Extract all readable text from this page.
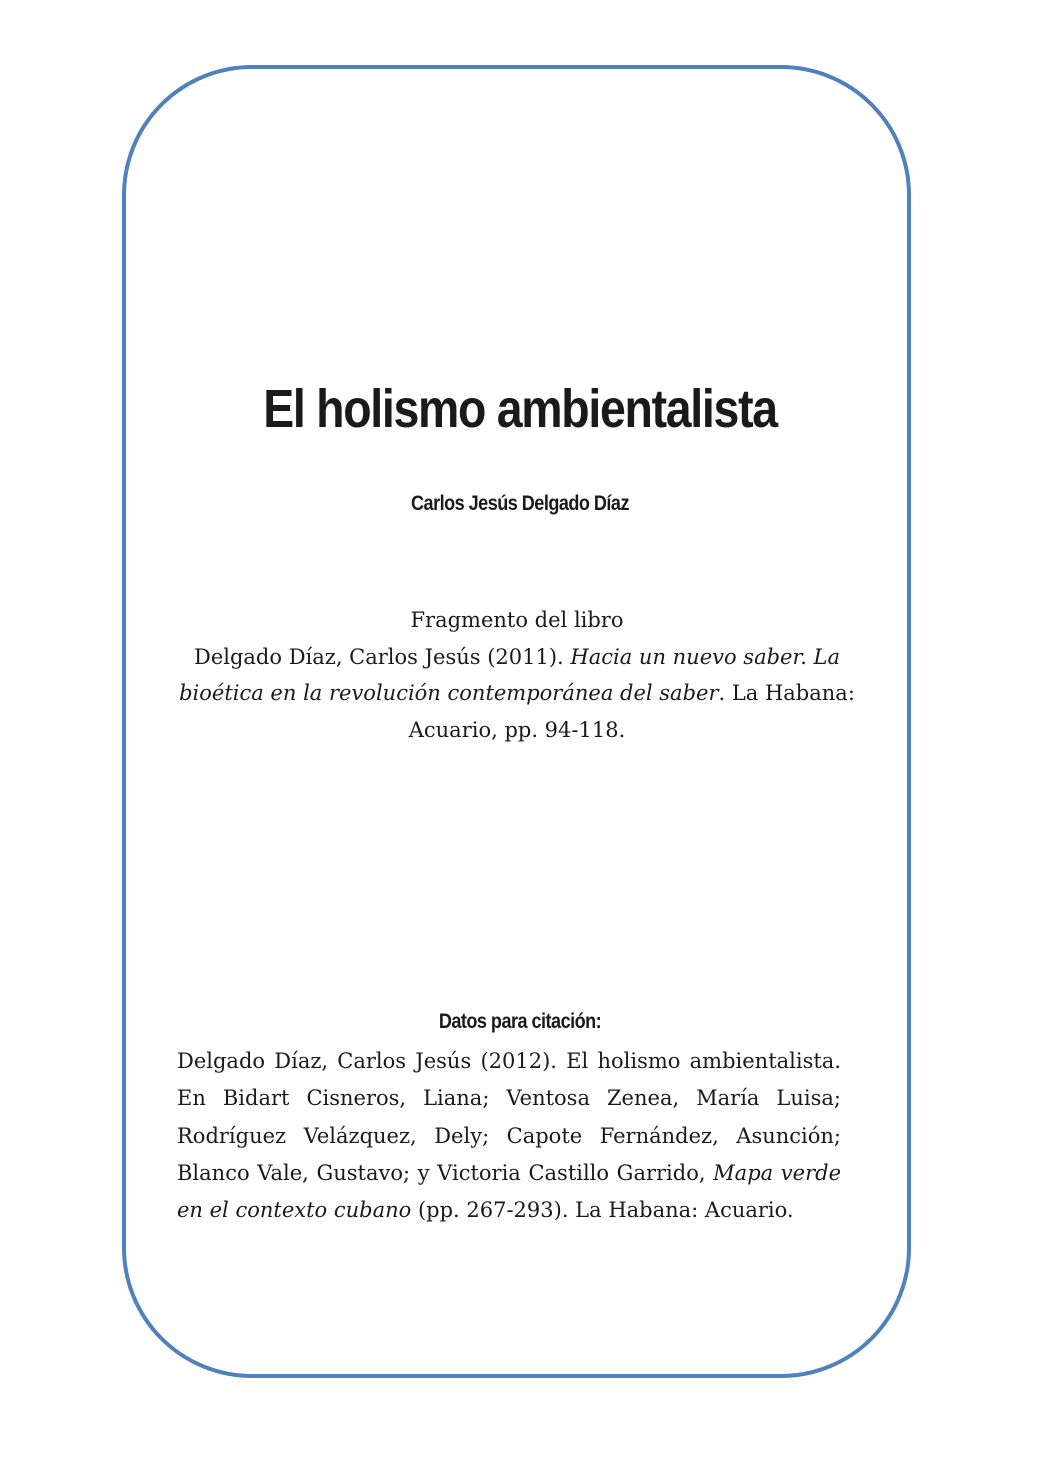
El holismo ambientalista
Carlos Jesús Delgado Díaz

Fragmento del libro

Delgado Díaz, Carlos Jesús (2011). Hacia un nuevo saber. La bioética en la revolución contemporánea del saber. La Habana: Acuario, pp. 94-118.

Datos para citación:

Delgado Díaz, Carlos Jesús (2012). El holismo ambientalista. En Bidart Cisneros, Liana; Ventosa Zenea, María Luisa; Rodríguez Velázquez, Dely; Capote Fernández, Asunción; Blanco Vale, Gustavo; y Victoria Castillo Garrido, Mapa verde en el contexto cubano (pp. 267-293). La Habana: Acuario.
